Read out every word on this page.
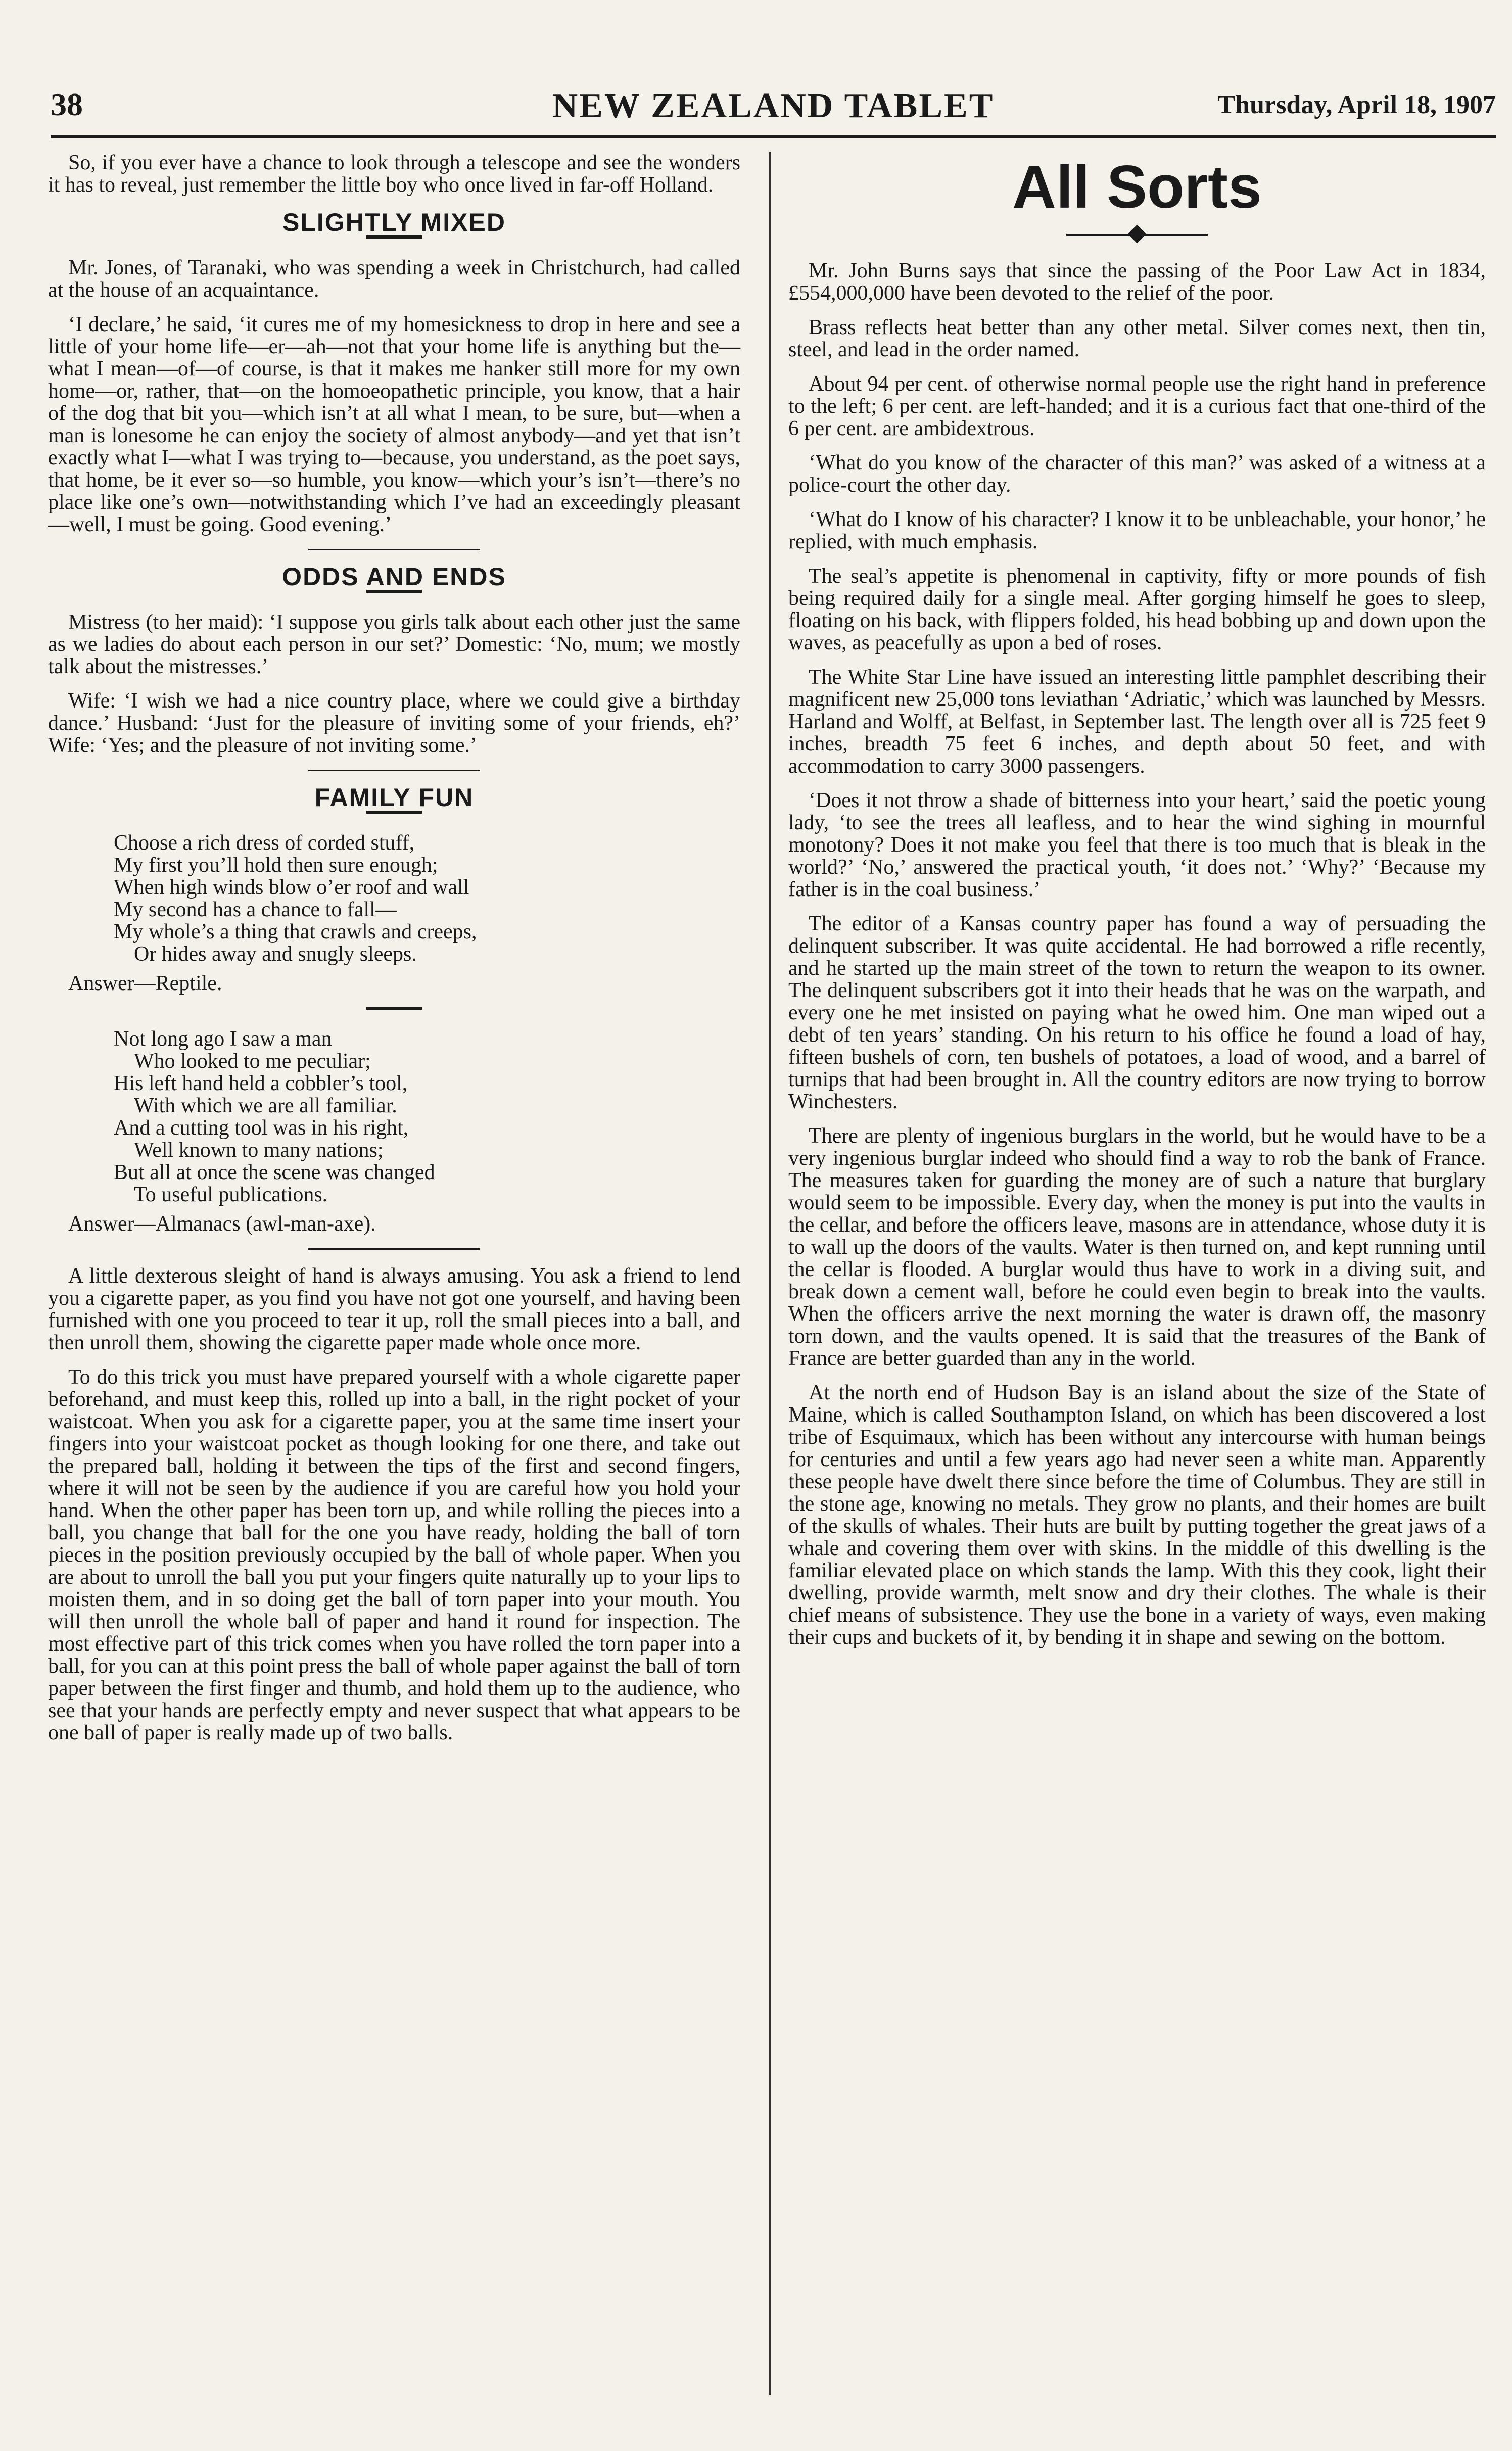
38	NEW ZEALAND TABLET	Thursday, April 18, 1907

So, if you ever have a chance to look through a telescope and see the wonders it has to reveal, just remember the little boy who once lived in far-off Holland.

SLIGHTLY MIXED

Mr. Jones, of Taranaki, who was spending a week in Christchurch, had called at the house of an acquaintance.

‘I declare,’ he said, ‘it cures me of my homesickness to drop in here and see a little of your home life—er—ah—not that your home life is anything but the—what I mean—of—of course, is that it makes me hanker still more for my own home—or, rather, that—on the homoeopathetic principle, you know, that a hair of the dog that bit you—which isn’t at all what I mean, to be sure, but—when a man is lonesome he can enjoy the society of almost anybody—and yet that isn’t exactly what I—what I was trying to—because, you understand, as the poet says, that home, be it ever so—so humble, you know—which your’s isn’t—there’s no place like one’s own—notwithstanding which I’ve had an exceedingly pleasant—well, I must be going. Good evening.’

ODDS AND ENDS

Mistress (to her maid): ‘I suppose you girls talk about each other just the same as we ladies do about each person in our set?’ Domestic: ‘No, mum; we mostly talk about the mistresses.’

Wife: ‘I wish we had a nice country place, where we could give a birthday dance.’ Husband: ‘Just for the pleasure of inviting some of your friends, eh?’ Wife: ‘Yes; and the pleasure of not inviting some.’

FAMILY FUN
Choose a rich dress of corded stuff,
My first you’ll hold then sure enough;
When high winds blow o’er roof and wall
My second has a chance to fall—
My whole’s a thing that crawls and creeps,
Or hides away and snugly sleeps.

Answer—Reptile.

Not long ago I saw a man
Who looked to me peculiar;
His left hand held a cobbler’s tool,
With which we are all familiar.
And a cutting tool was in his right,
Well known to many nations;
But all at once the scene was changed
To useful publications.

Answer—Almanacs (awl-man-axe).

A little dexterous sleight of hand is always amusing. You ask a friend to lend you a cigarette paper, as you find you have not got one yourself, and having been furnished with one you proceed to tear it up, roll the small pieces into a ball, and then unroll them, showing the cigarette paper made whole once more.

To do this trick you must have prepared yourself with a whole cigarette paper beforehand, and must keep this, rolled up into a ball, in the right pocket of your waistcoat. When you ask for a cigarette paper, you at the same time insert your fingers into your waistcoat pocket as though looking for one there, and take out the prepared ball, holding it between the tips of the first and second fingers, where it will not be seen by the audience if you are careful how you hold your hand. When the other paper has been torn up, and while rolling the pieces into a ball, you change that ball for the one you have ready, holding the ball of torn pieces in the position previously occupied by the ball of whole paper. When you are about to unroll the ball you put your fingers quite naturally up to your lips to moisten them, and in so doing get the ball of torn paper into your mouth. You will then unroll the whole ball of paper and hand it round for inspection. The most effective part of this trick comes when you have rolled the torn paper into a ball, for you can at this point press the ball of whole paper against the ball of torn paper between the first finger and thumb, and hold them up to the audience, who see that your hands are perfectly empty and never suspect that what appears to be one ball of paper is really made up of two balls.

All Sorts

Mr. John Burns says that since the passing of the Poor Law Act in 1834, £554,000,000 have been devoted to the relief of the poor.

Brass reflects heat better than any other metal. Silver comes next, then tin, steel, and lead in the order named.

About 94 per cent. of otherwise normal people use the right hand in preference to the left; 6 per cent. are left-handed; and it is a curious fact that one-third of the 6 per cent. are ambidextrous.

‘What do you know of the character of this man?’ was asked of a witness at a police-court the other day.

‘What do I know of his character? I know it to be unbleachable, your honor,’ he replied, with much emphasis.

The seal’s appetite is phenomenal in captivity, fifty or more pounds of fish being required daily for a single meal. After gorging himself he goes to sleep, floating on his back, with flippers folded, his head bobbing up and down upon the waves, as peacefully as upon a bed of roses.

The White Star Line have issued an interesting little pamphlet describing their magnificent new 25,000 tons leviathan ‘Adriatic,’ which was launched by Messrs. Harland and Wolff, at Belfast, in September last. The length over all is 725 feet 9 inches, breadth 75 feet 6 inches, and depth about 50 feet, and with accommodation to carry 3000 passengers.

‘Does it not throw a shade of bitterness into your heart,’ said the poetic young lady, ‘to see the trees all leafless, and to hear the wind sighing in mournful monotony? Does it not make you feel that there is too much that is bleak in the world?’ ‘No,’ answered the practical youth, ‘it does not.’ ‘Why?’ ‘Because my father is in the coal business.’

The editor of a Kansas country paper has found a way of persuading the delinquent subscriber. It was quite accidental. He had borrowed a rifle recently, and he started up the main street of the town to return the weapon to its owner. The delinquent subscribers got it into their heads that he was on the warpath, and every one he met insisted on paying what he owed him. One man wiped out a debt of ten years’ standing. On his return to his office he found a load of hay, fifteen bushels of corn, ten bushels of potatoes, a load of wood, and a barrel of turnips that had been brought in. All the country editors are now trying to borrow Winchesters.

There are plenty of ingenious burglars in the world, but he would have to be a very ingenious burglar indeed who should find a way to rob the bank of France. The measures taken for guarding the money are of such a nature that burglary would seem to be impossible. Every day, when the money is put into the vaults in the cellar, and before the officers leave, masons are in attendance, whose duty it is to wall up the doors of the vaults. Water is then turned on, and kept running until the cellar is flooded. A burglar would thus have to work in a diving suit, and break down a cement wall, before he could even begin to break into the vaults. When the officers arrive the next morning the water is drawn off, the masonry torn down, and the vaults opened. It is said that the treasures of the Bank of France are better guarded than any in the world.

At the north end of Hudson Bay is an island about the size of the State of Maine, which is called Southampton Island, on which has been discovered a lost tribe of Esquimaux, which has been without any intercourse with human beings for centuries and until a few years ago had never seen a white man. Apparently these people have dwelt there since before the time of Columbus. They are still in the stone age, knowing no metals. They grow no plants, and their homes are built of the skulls of whales. Their huts are built by putting together the great jaws of a whale and covering them over with skins. In the middle of this dwelling is the familiar elevated place on which stands the lamp. With this they cook, light their dwelling, provide warmth, melt snow and dry their clothes. The whale is their chief means of subsistence. They use the bone in a variety of ways, even making their cups and buckets of it, by bending it in shape and sewing on the bottom.
